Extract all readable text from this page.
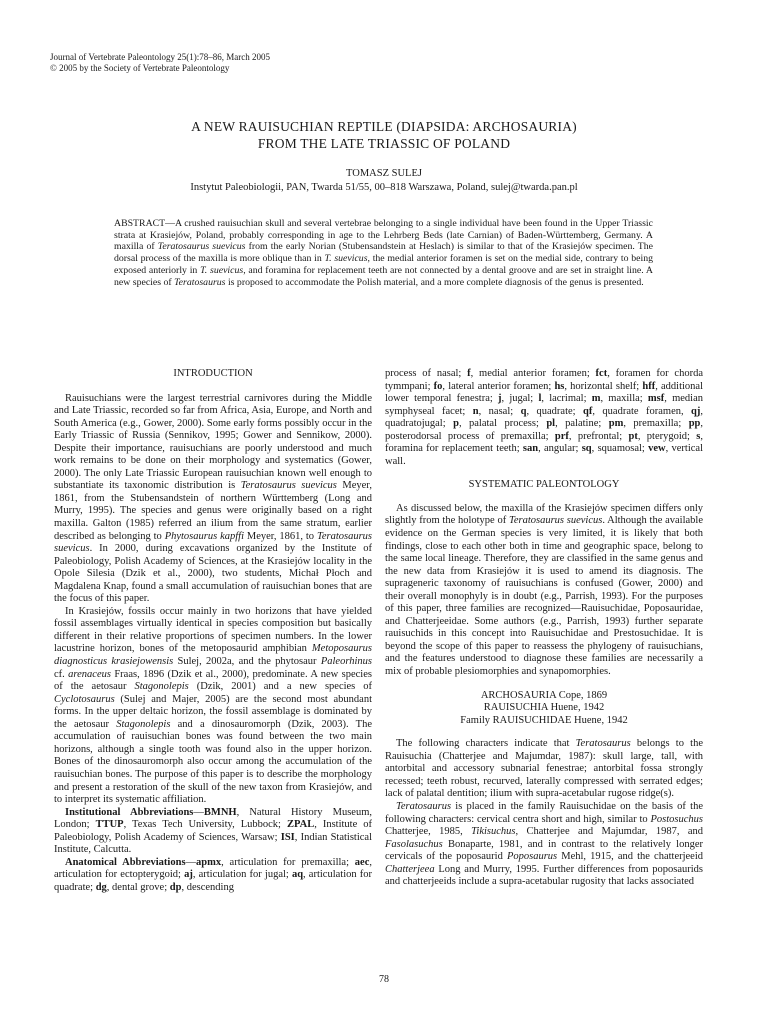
Journal of Vertebrate Paleontology 25(1):78–86, March 2005
© 2005 by the Society of Vertebrate Paleontology
A NEW RAUISUCHIAN REPTILE (DIAPSIDA: ARCHOSAURIA)
FROM THE LATE TRIASSIC OF POLAND
TOMASZ SULEJ
Instytut Paleobiologii, PAN, Twarda 51/55, 00–818 Warszawa, Poland, sulej@twarda.pan.pl
ABSTRACT—A crushed rauisuchian skull and several vertebrae belonging to a single individual have been found in the Upper Triassic strata at Krasiejów, Poland, probably corresponding in age to the Lehrberg Beds (late Carnian) of Baden-Württemberg, Germany. A maxilla of Teratosaurus suevicus from the early Norian (Stubensandstein at Heslach) is similar to that of the Krasiejów specimen. The dorsal process of the maxilla is more oblique than in T. suevicus, the medial anterior foramen is set on the medial side, contrary to being exposed anteriorly in T. suevicus, and foramina for replacement teeth are not connected by a dental groove and are set in straight line. A new species of Teratosaurus is proposed to accommodate the Polish material, and a more complete diagnosis of the genus is presented.

INTRODUCTION

Rauisuchians were the largest terrestrial carnivores during the Middle and Late Triassic, recorded so far from Africa, Asia, Europe, and North and South America (e.g., Gower, 2000). Some early forms possibly occur in the Early Triassic of Russia (Sennikov, 1995; Gower and Sennikow, 2000). Despite their importance, rauisuchians are poorly understood and much work remains to be done on their morphology and systematics (Gower, 2000). The only Late Triassic European rauisuchian known well enough to substantiate its taxonomic distribution is Teratosaurus suevicus Meyer, 1861, from the Stubensandstein of northern Württemberg (Long and Murry, 1995). The species and genus were originally based on a right maxilla. Galton (1985) referred an ilium from the same stratum, earlier described as belonging to Phytosaurus kapffi Meyer, 1861, to Teratosaurus suevicus. In 2000, during excavations organized by the Institute of Paleobiology, Polish Academy of Sciences, at the Krasiejów locality in the Opole Silesia (Dzik et al., 2000), two students, Michał Płoch and Magdalena Knap, found a small accumulation of rauisuchian bones that are the focus of this paper.

In Krasiejów, fossils occur mainly in two horizons that have yielded fossil assemblages virtually identical in species composition but basically different in their relative proportions of specimen numbers. In the lower lacustrine horizon, bones of the metoposaurid amphibian Metoposaurus diagnosticus krasiejowensis Sulej, 2002a, and the phytosaur Paleorhinus cf. arenaceus Fraas, 1896 (Dzik et al., 2000), predominate. A new species of the aetosaur Stagonolepis (Dzik, 2001) and a new species of Cyclotosaurus (Sulej and Majer, 2005) are the second most abundant forms. In the upper deltaic horizon, the fossil assemblage is dominated by the aetosaur Stagonolepis and a dinosauromorph (Dzik, 2003). The accumulation of rauisuchian bones was found between the two main horizons, although a single tooth was found also in the upper horizon. Bones of the dinosauromorph also occur among the accumulation of the rauisuchian bones. The purpose of this paper is to describe the morphology and present a restoration of the skull of the new taxon from Krasiejów, and to interpret its systematic affiliation.

Institutional Abbreviations—BMNH, Natural History Museum, London; TTUP, Texas Tech University, Lubbock; ZPAL, Institute of Paleobiology, Polish Academy of Sciences, Warsaw; ISI, Indian Statistical Institute, Calcutta.

Anatomical Abbreviations—apmx, articulation for premaxilla; aec, articulation for ectopterygoid; aj, articulation for jugal; aq, articulation for quadrate; dg, dental grove; dp, descending

process of nasal; f, medial anterior foramen; fct, foramen for chorda tymmpani; fo, lateral anterior foramen; hs, horizontal shelf; hff, additional lower temporal fenestra; j, jugal; l, lacrimal; m, maxilla; msf, median symphyseal facet; n, nasal; q, quadrate; qf, quadrate foramen, qj, quadratojugal; p, palatal process; pl, palatine; pm, premaxilla; pp, posterodorsal process of premaxilla; prf, prefrontal; pt, pterygoid; s, foramina for replacement teeth; san, angular; sq, squamosal; vew, vertical wall.

SYSTEMATIC PALEONTOLOGY

As discussed below, the maxilla of the Krasiejów specimen differs only slightly from the holotype of Teratosaurus suevicus. Although the available evidence on the German species is very limited, it is likely that both findings, close to each other both in time and geographic space, belong to the same local lineage. Therefore, they are classified in the same genus and the new data from Krasiejów it is used to amend its diagnosis. The suprageneric taxonomy of rauisuchians is confused (Gower, 2000) and their overall monophyly is in doubt (e.g., Parrish, 1993). For the purposes of this paper, three families are recognized—Rauisuchidae, Poposauridae, and Chatterjeeidae. Some authors (e.g., Parrish, 1993) further separate rauisuchids in this concept into Rauisuchidae and Prestosuchidae. It is beyond the scope of this paper to reassess the phylogeny of rauisuchians, and the features understood to diagnose these families are necessarily a mix of probable plesiomorphies and synapomorphies.

ARCHOSAURIA Cope, 1869
RAUISUCHIA Huene, 1942
Family RAUISUCHIDAE Huene, 1942

The following characters indicate that Teratosaurus belongs to the Rauisuchia (Chatterjee and Majumdar, 1987): skull large, tall, with antorbital and accessory subnarial fenestrae; antorbital fossa strongly recessed; teeth robust, recurved, laterally compressed with serrated edges; lack of palatal dentition; ilium with supra-acetabular rugose ridge(s).

Teratosaurus is placed in the family Rauisuchidae on the basis of the following characters: cervical centra short and high, similar to Postosuchus Chatterjee, 1985, Tikisuchus, Chatterjee and Majumdar, 1987, and Fasolasuchus Bonaparte, 1981, and in contrast to the relatively longer cervicals of the poposaurid Poposaurus Mehl, 1915, and the chatterjeeid Chatterjeea Long and Murry, 1995. Further differences from poposaurids and chatterjeeids include a supra-acetabular rugosity that lacks associated

78
